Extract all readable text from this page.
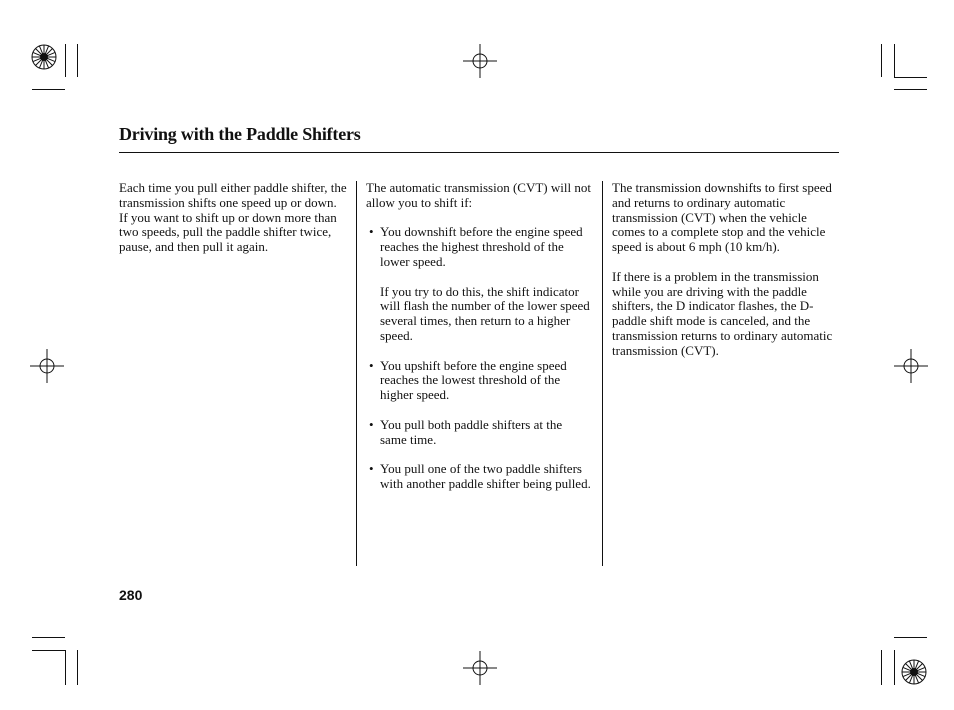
Driving with the Paddle Shifters

Each time you pull either paddle shifter, the transmission shifts one speed up or down. If you want to shift up or down more than two speeds, pull the paddle shifter twice, pause, and then pull it again.

The automatic transmission (CVT) will not allow you to shift if:

• You downshift before the engine speed reaches the highest threshold of the lower speed.
If you try to do this, the shift indicator will flash the number of the lower speed several times, then return to a higher speed.
• You upshift before the engine speed reaches the lowest threshold of the higher speed.
• You pull both paddle shifters at the same time.
• You pull one of the two paddle shifters with another paddle shifter being pulled.

The transmission downshifts to first speed and returns to ordinary automatic transmission (CVT) when the vehicle comes to a complete stop and the vehicle speed is about 6 mph (10 km/h).

If there is a problem in the transmission while you are driving with the paddle shifters, the D indicator flashes, the D-paddle shift mode is canceled, and the transmission returns to ordinary automatic transmission (CVT).

280
